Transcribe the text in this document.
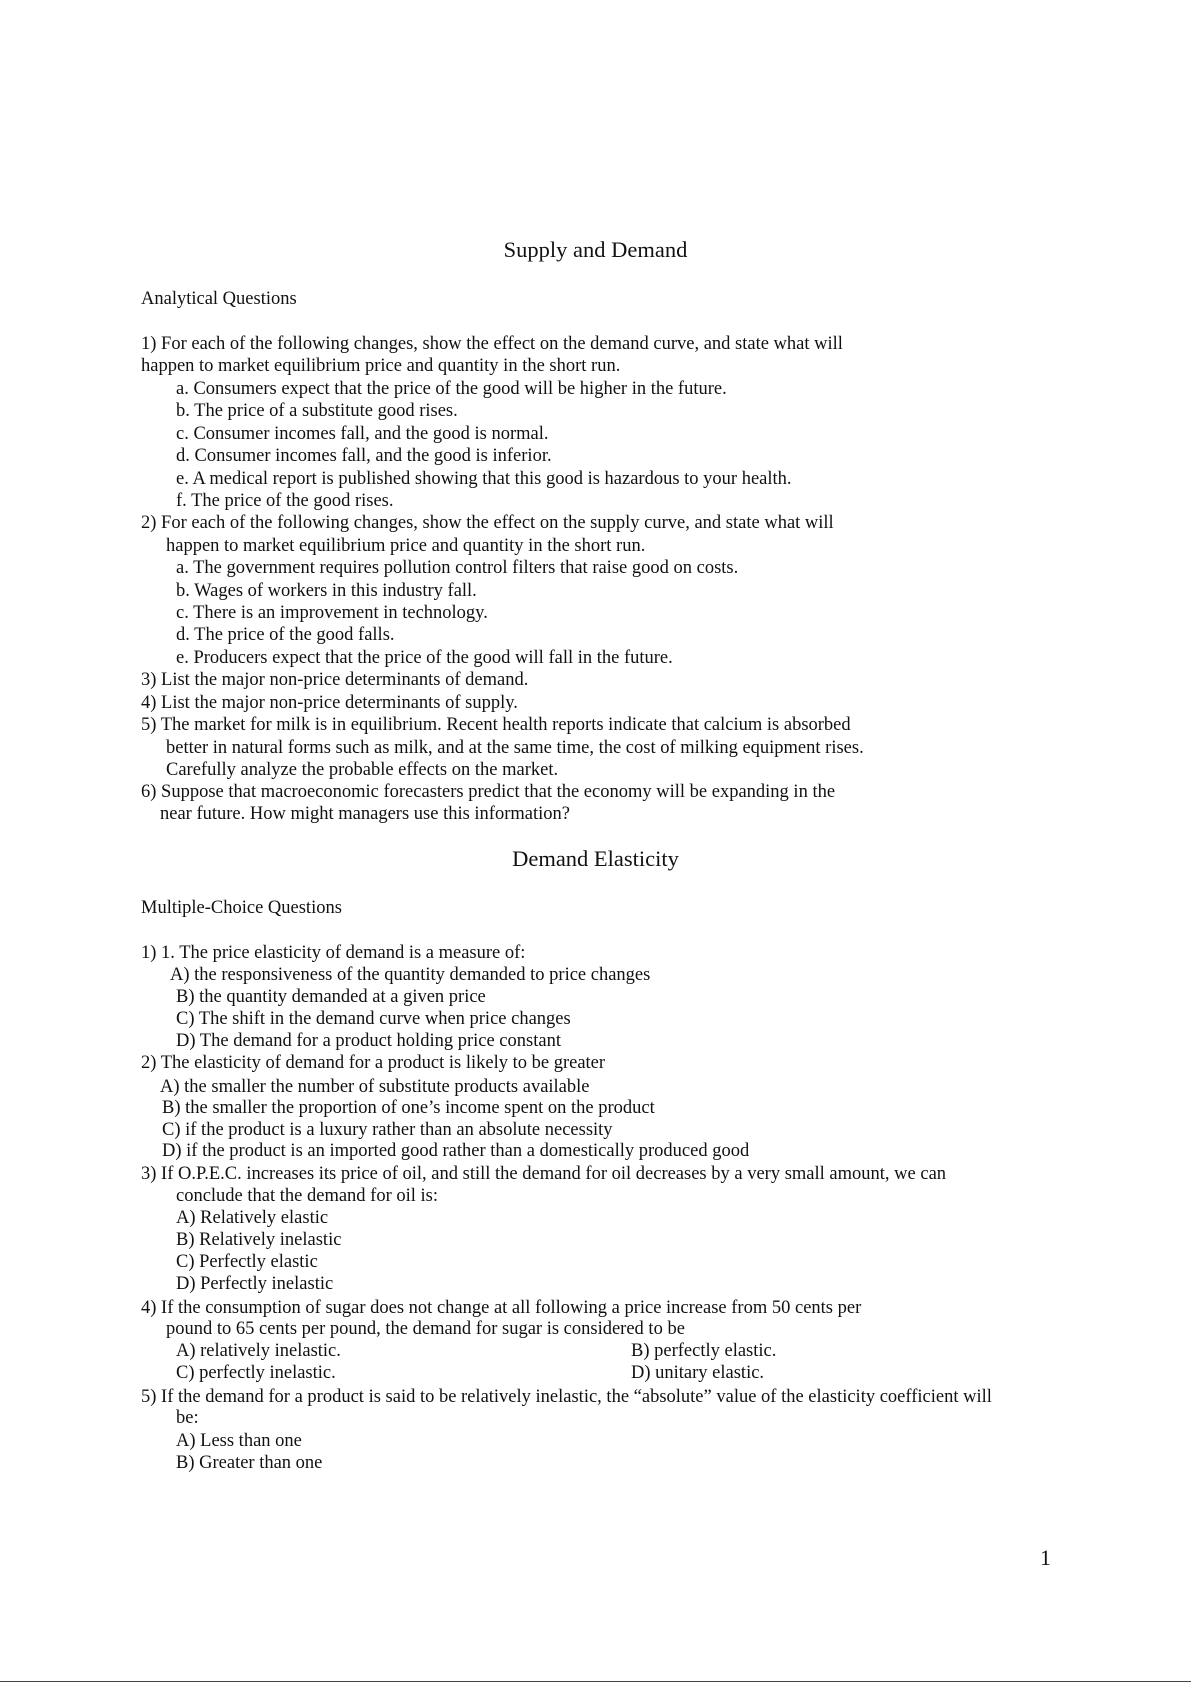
Supply and Demand
Analytical Questions
1) For each of the following changes, show the effect on the demand curve, and state what will
happen to market equilibrium price and quantity in the short run.
a. Consumers expect that the price of the good will be higher in the future.
b. The price of a substitute good rises.
c. Consumer incomes fall, and the good is normal.
d. Consumer incomes fall, and the good is inferior.
e. A medical report is published showing that this good is hazardous to your health.
f. The price of the good rises.
2) For each of the following changes, show the effect on the supply curve, and state what will
happen to market equilibrium price and quantity in the short run.
a. The government requires pollution control filters that raise good on costs.
b. Wages of workers in this industry fall.
c. There is an improvement in technology.
d. The price of the good falls.
e. Producers expect that the price of the good will fall in the future.
3) List the major non-price determinants of demand.
4) List the major non-price determinants of supply.
5) The market for milk is in equilibrium. Recent health reports indicate that calcium is absorbed
better in natural forms such as milk, and at the same time, the cost of milking equipment rises.
Carefully analyze the probable effects on the market.
6) Suppose that macroeconomic forecasters predict that the economy will be expanding in the
near future. How might managers use this information?
Demand Elasticity
Multiple-Choice Questions
1) 1. The price elasticity of demand is a measure of:
A) the responsiveness of the quantity demanded to price changes
B) the quantity demanded at a given price
C) The shift in the demand curve when price changes
D) The demand for a product holding price constant
2) The elasticity of demand for a product is likely to be greater
A) the smaller the number of substitute products available
B) the smaller the proportion of one’s income spent on the product
C) if the product is a luxury rather than an absolute necessity
D) if the product is an imported good rather than a domestically produced good
3) If O.P.E.C. increases its price of oil, and still the demand for oil decreases by a very small amount, we can
conclude that the demand for oil is:
A) Relatively elastic
B) Relatively inelastic
C) Perfectly elastic
D) Perfectly inelastic
4) If the consumption of sugar does not change at all following a price increase from 50 cents per
pound to 65 cents per pound, the demand for sugar is considered to be
A) relatively inelastic.	B) perfectly elastic.
C) perfectly inelastic.	D) unitary elastic.
5) If the demand for a product is said to be relatively inelastic, the “absolute” value of the elasticity coefficient will
be:
A) Less than one
B) Greater than one
1
